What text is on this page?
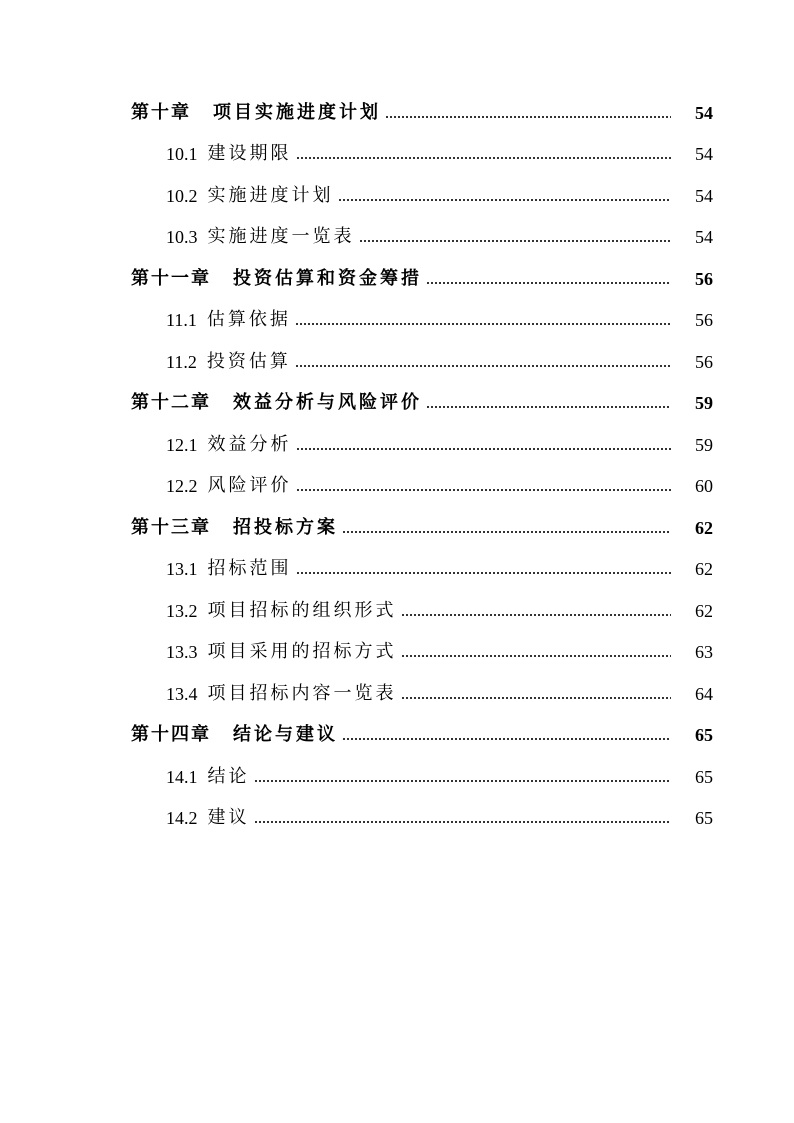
第十章 项目实施进度计划	54
10.1 建设期限	54
10.2 实施进度计划	54
10.3 实施进度一览表	54
第十一章 投资估算和资金筹措	56
11.1 估算依据	56
11.2 投资估算	56
第十二章 效益分析与风险评价	59
12.1 效益分析	59
12.2 风险评价	60
第十三章 招投标方案	62
13.1 招标范围	62
13.2 项目招标的组织形式	62
13.3 项目采用的招标方式	63
13.4 项目招标内容一览表	64
第十四章 结论与建议	65
14.1 结论	65
14.2 建议	65
